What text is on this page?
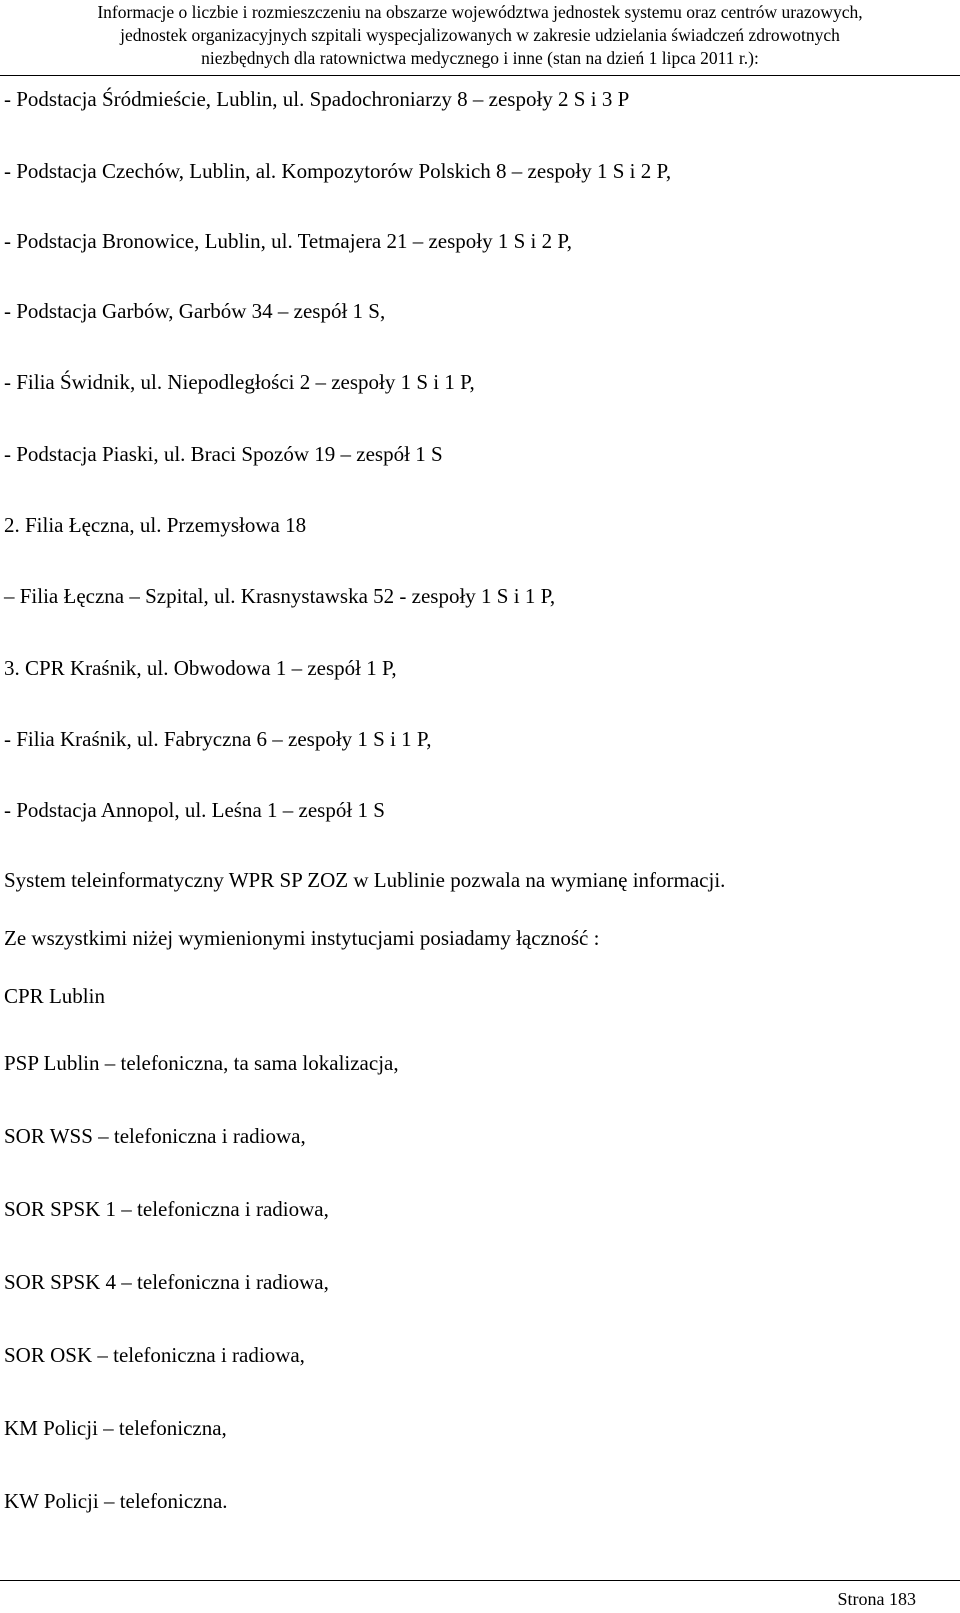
Informacje o liczbie i rozmieszczeniu na obszarze województwa jednostek systemu oraz centrów urazowych,
jednostek organizacyjnych szpitali wyspecjalizowanych w zakresie udzielania świadczeń zdrowotnych
niezbędnych dla ratownictwa medycznego i inne (stan na dzień 1 lipca 2011 r.):
- Podstacja Śródmieście, Lublin, ul. Spadochroniarzy 8 – zespoły 2 S i 3 P
- Podstacja Czechów, Lublin, al. Kompozytorów Polskich 8 – zespoły 1 S i 2 P,
- Podstacja Bronowice, Lublin, ul. Tetmajera 21 – zespoły 1 S i 2 P,
- Podstacja Garbów, Garbów 34 – zespół 1 S,
- Filia Świdnik, ul. Niepodległości 2 – zespoły 1 S i 1 P,
- Podstacja Piaski, ul. Braci Spozów 19 – zespół 1 S
2. Filia Łęczna, ul. Przemysłowa 18
– Filia Łęczna – Szpital, ul. Krasnystawska 52 - zespoły 1 S i 1 P,
3. CPR Kraśnik, ul. Obwodowa 1 – zespół 1 P,
- Filia Kraśnik, ul. Fabryczna 6 – zespoły 1 S i 1 P,
- Podstacja Annopol, ul. Leśna 1 – zespół 1 S
System teleinformatyczny WPR SP ZOZ w Lublinie pozwala na wymianę informacji.
Ze wszystkimi niżej wymienionymi instytucjami posiadamy łączność :
CPR Lublin
PSP Lublin – telefoniczna, ta sama lokalizacja,
SOR WSS – telefoniczna i radiowa,
SOR SPSK 1 – telefoniczna i radiowa,
SOR SPSK 4 – telefoniczna i radiowa,
SOR OSK – telefoniczna i radiowa,
KM Policji – telefoniczna,
KW Policji – telefoniczna.
Strona 183
